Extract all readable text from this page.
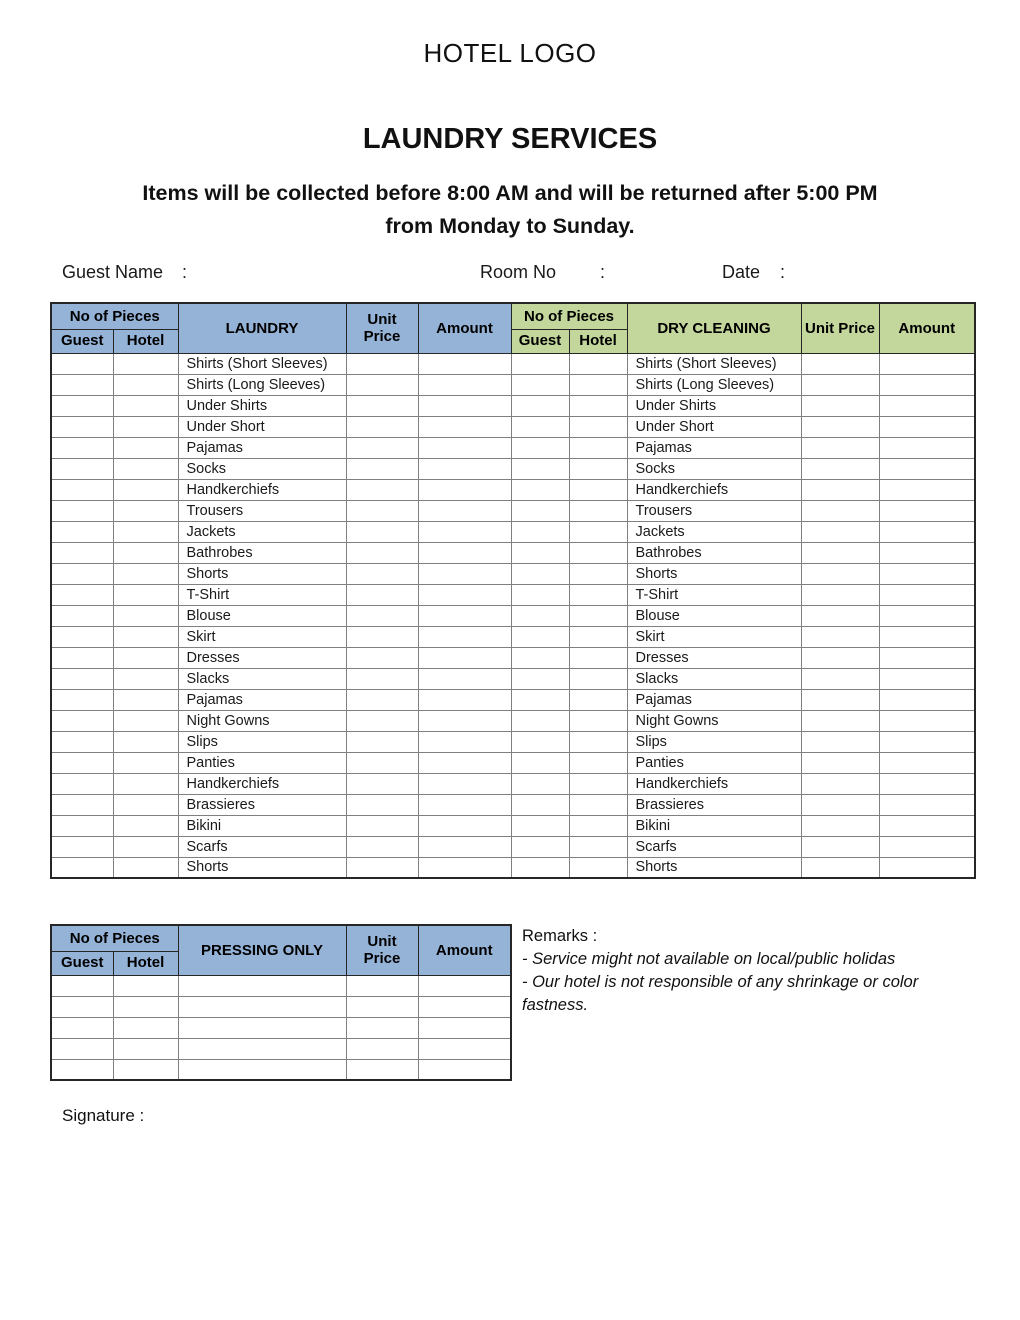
HOTEL LOGO
LAUNDRY SERVICES
Items will be collected before 8:00 AM and will be returned after 5:00 PM
from Monday to Sunday.
Guest Name :	Room No :	Date :
No of Pieces		LAUNDRY	Unit Price	Amount	No of Pieces		DRY CLEANING	Unit Price	Amount
Guest	Hotel				Guest	Hotel			
		Shirts (Short Sleeves)					Shirts (Short Sleeves)		
		Shirts (Long Sleeves)					Shirts (Long Sleeves)		
		Under Shirts					Under Shirts		
		Under Short					Under Short		
		Pajamas					Pajamas		
		Socks					Socks		
		Handkerchiefs					Handkerchiefs		
		Trousers					Trousers		
		Jackets					Jackets		
		Bathrobes					Bathrobes		
		Shorts					Shorts		
		T-Shirt					T-Shirt		
		Blouse					Blouse		
		Skirt					Skirt		
		Dresses					Dresses		
		Slacks					Slacks		
		Pajamas					Pajamas		
		Night Gowns					Night Gowns		
		Slips					Slips		
		Panties					Panties		
		Handkerchiefs					Handkerchiefs		
		Brassieres					Brassieres		
		Bikini					Bikini		
		Scarfs					Scarfs		
		Shorts					Shorts		
No of Pieces		PRESSING ONLY	Unit Price	Amount
Guest	Hotel			

Remarks :
- Service might not available on local/public holidas
- Our hotel is not responsible of any shrinkage or color fastness.
Signature :
